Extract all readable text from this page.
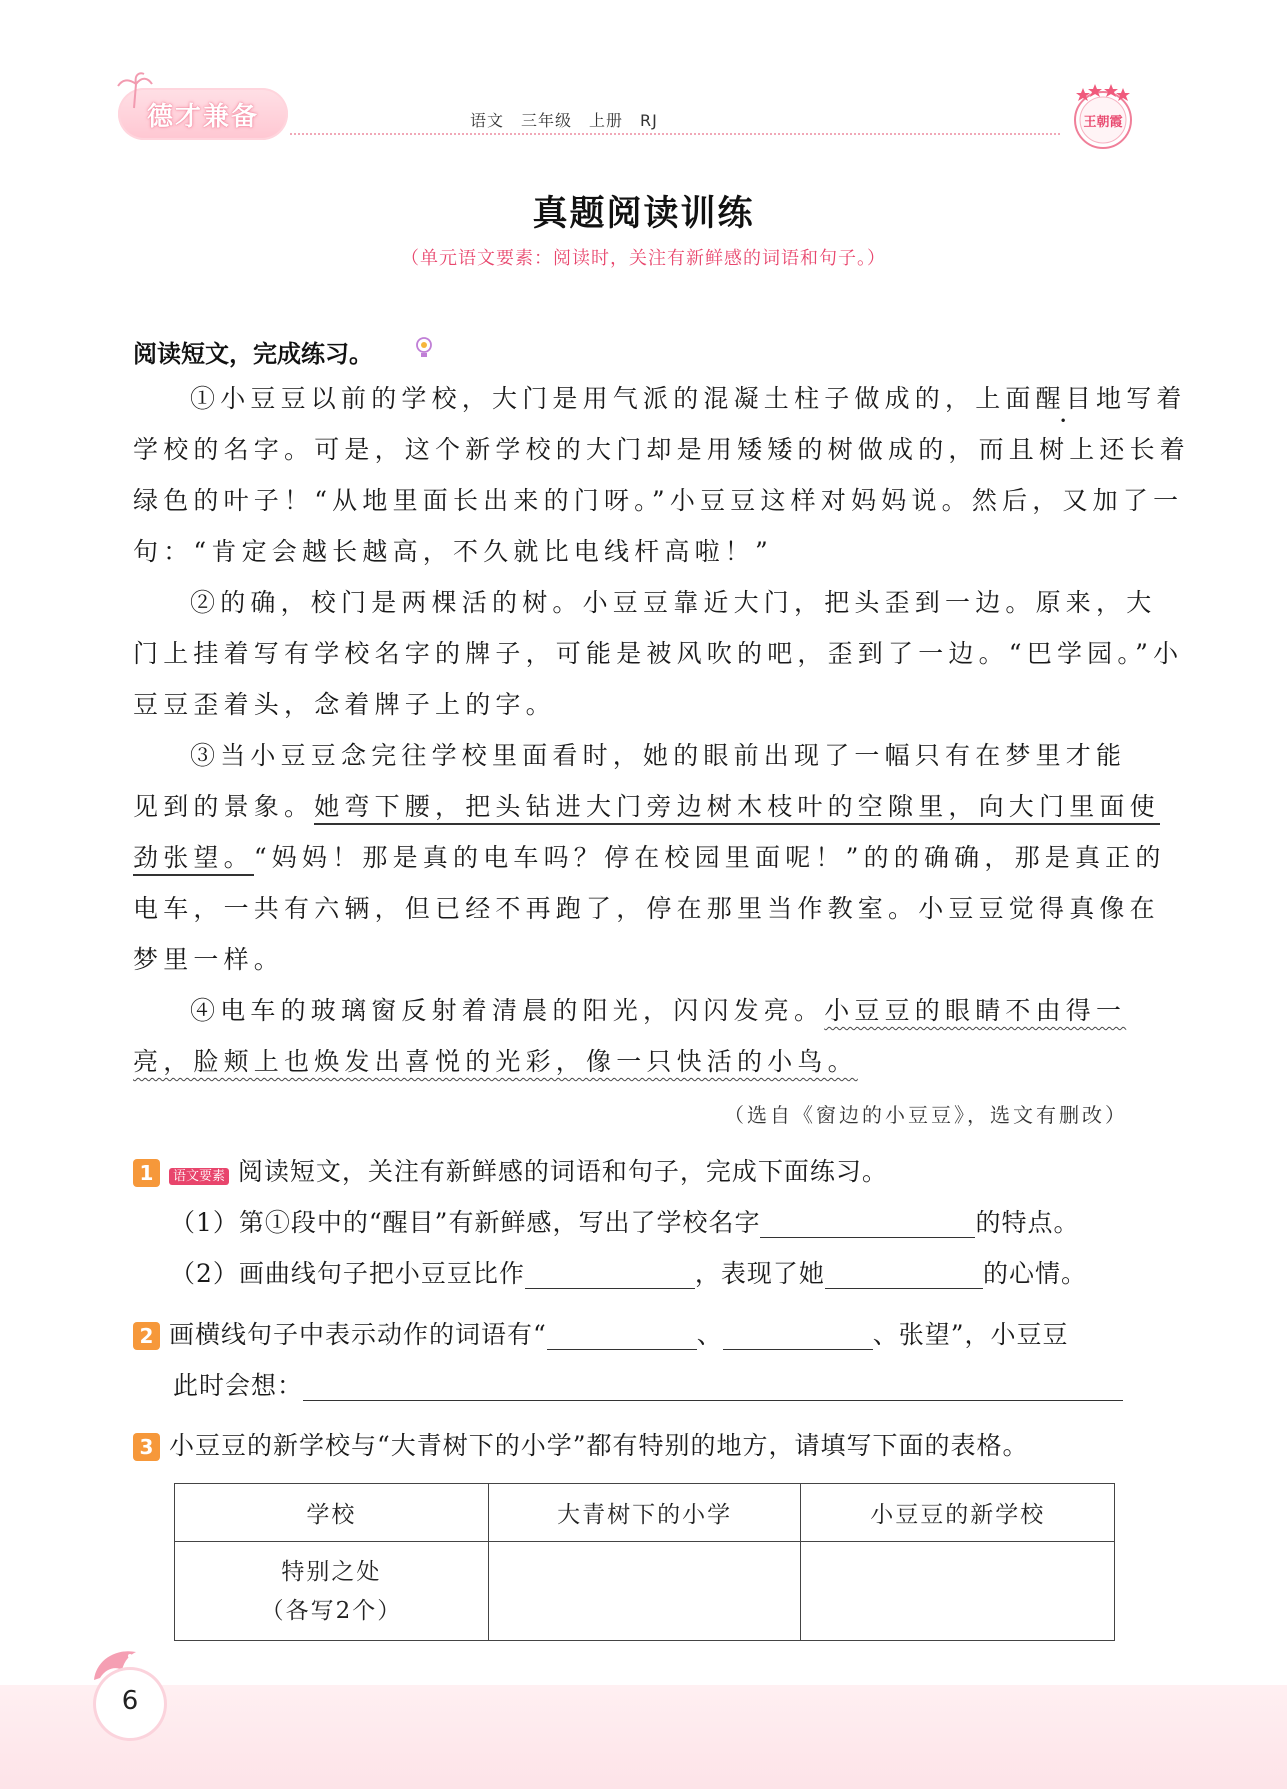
德才兼备	语文　三年级　上册　RJ	王朝霞
真题阅读训练
（单元语文要素：阅读时，关注有新鲜感的词语和句子。）
阅读短文，完成练习。
①小豆豆以前的学校，大门是用气派的混凝土柱子做成的，上面醒目地写着
学校的名字。可是，这个新学校的大门却是用矮矮的树做成的，而且树上还长着
绿色的叶子！“从地里面长出来的门呀。”小豆豆这样对妈妈说。然后，又加了一
句：“肯定会越长越高，不久就比电线杆高啦！”
②的确，校门是两棵活的树。小豆豆靠近大门，把头歪到一边。原来，大
门上挂着写有学校名字的牌子，可能是被风吹的吧，歪到了一边。“巴学园。”小
豆豆歪着头，念着牌子上的字。
③当小豆豆念完往学校里面看时，她的眼前出现了一幅只有在梦里才能
见到的景象。她弯下腰，把头钻进大门旁边树木枝叶的空隙里，向大门里面使
劲张望。“妈妈！那是真的电车吗？停在校园里面呢！”的的确确，那是真正的
电车，一共有六辆，但已经不再跑了，停在那里当作教室。小豆豆觉得真像在
梦里一样。
④电车的玻璃窗反射着清晨的阳光，闪闪发亮。小豆豆的眼睛不由得一
亮，脸颊上也焕发出喜悦的光彩，像一只快活的小鸟。
（选自《窗边的小豆豆》，选文有删改）
1 语文要素 阅读短文，关注有新鲜感的词语和句子，完成下面练习。
（1）第①段中的“醒目”有新鲜感，写出了学校名字	的特点。
（2）画曲线句子把小豆豆比作	，表现了她	的心情。
2 画横线句子中表示动作的词语有“	、	、张望”，小豆豆
此时会想：
3 小豆豆的新学校与“大青树下的小学”都有特别的地方，请填写下面的表格。
学校	大青树下的小学	小豆豆的新学校

特别之处
（各写2个）		

6
